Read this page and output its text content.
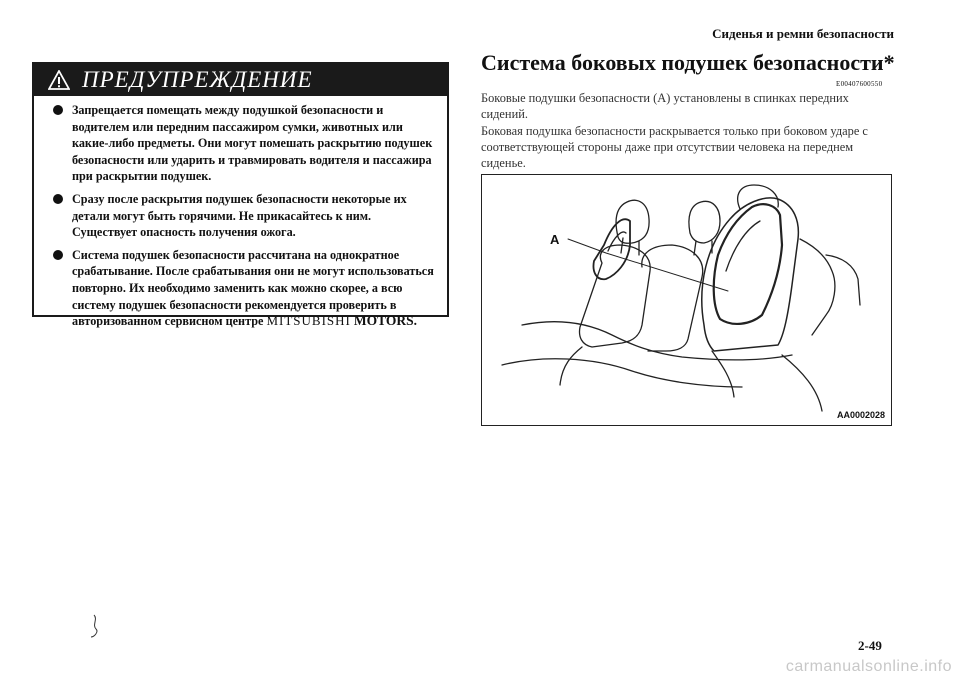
Сиденья и ремни безопасности
ПРЕДУПРЕЖДЕНИЕ
Запрещается помещать между подушкой безопасности и водителем или передним пассажиром сумки, животных или какие-либо предметы. Они могут помешать раскрытию подушек безопасности или ударить и травмировать водителя и пассажира при раскрытии подушек.
Сразу после раскрытия подушек безопасности некоторые их детали могут быть горячими. Не прикасайтесь к ним. Существует опасность получения ожога.
Система подушек безопасности рассчитана на однократное срабатывание. После срабатывания они не могут использоваться повторно. Их необходимо заменить как можно скорее, а всю систему подушек безопасности рекомендуется проверить в авторизованном сервисном центре MITSUBISHI MOTORS.
Система боковых подушек безопасности*
E00407600550

Боковые подушки безопасности (A) установлены в спинках передних сидений.

Боковая подушка безопасности раскрывается только при боковом ударе с соответствующей стороны даже при отсутствии человека на переднем сиденье.

A
AA0002028
2-49
carmanualsonline.info
